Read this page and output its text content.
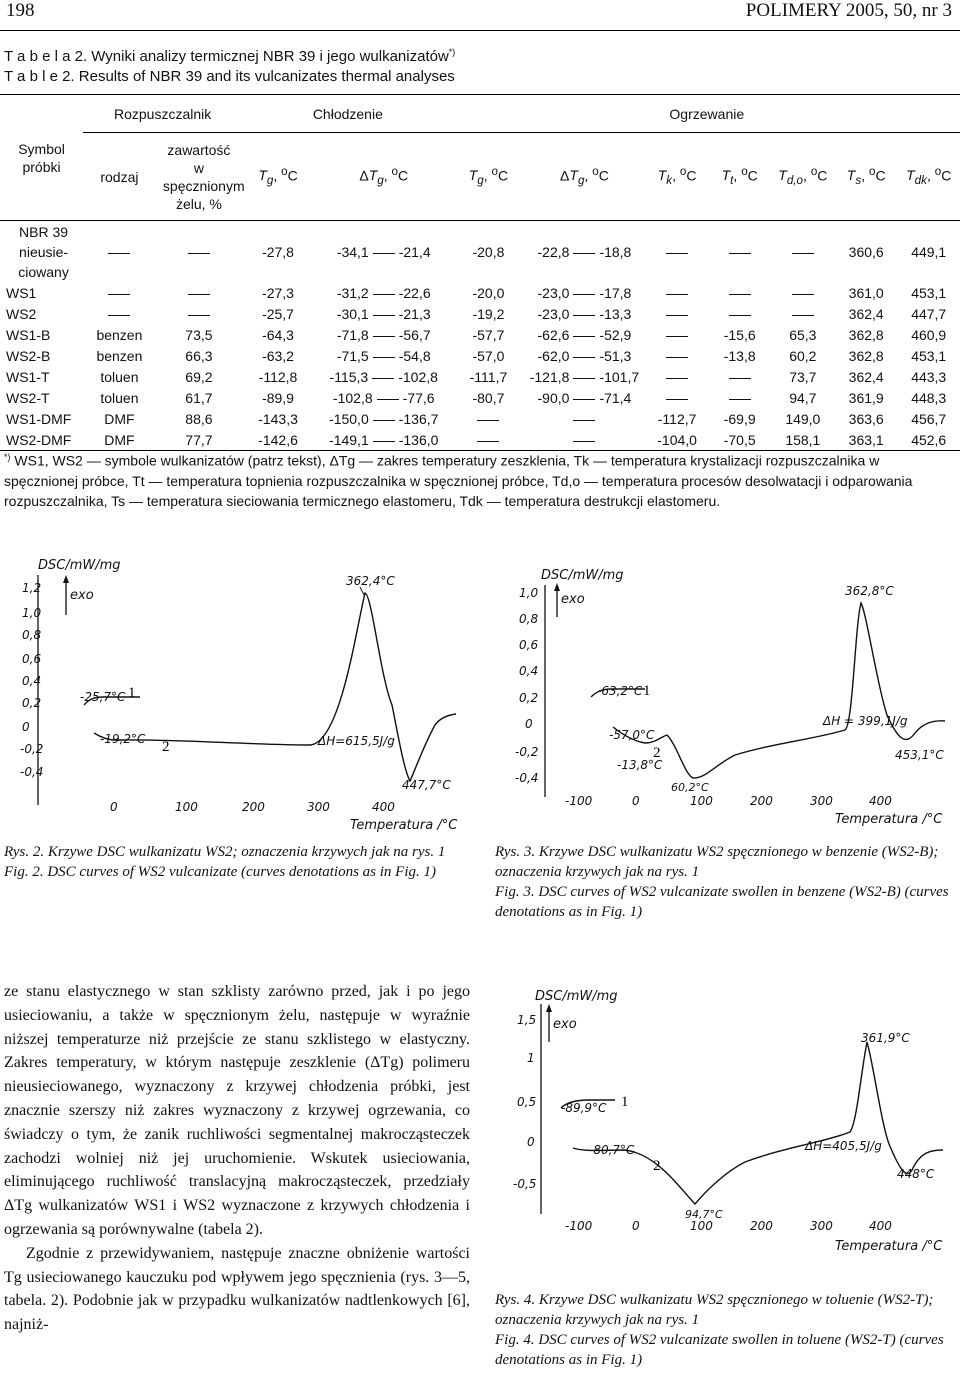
198	POLIMERY 2005, 50, nr 3
T a b e l a 2. Wyniki analizy termicznej NBR 39 i jego wulkanizatów*)
T a b l e 2. Results of NBR 39 and its vulcanizates thermal analyses
Symbol próbki	Rozpuszczalnik		Chłodzenie		Ogrzewanie						
	rodzaj	zawartość w spęcznionym żelu, %	$T_g$, $^o$C	$\Delta T_g$, $^o$C	$T_g$, $^o$C	$\Delta T_g$, $^o$C	$T_k$, $^o$C	$T_t$, $^o$C	$T_{d,o}$, $^o$C	$T_s$, $^o$C	$T_{dk}$, $^o$C
NBR 39 nieusie-ciowany			-27,8	-34,1 -21,4	-20,8	-22,8 -18,8				360,6	449,1
WS1			-27,3	-31,2 -22,6	-20,0	-23,0 -17,8				361,0	453,1
WS2			-25,7	-30,1 -21,3	-19,2	-23,0 -13,3				362,4	447,7
WS1-B	benzen	73,5	-64,3	-71,8 -56,7	-57,7	-62,6 -52,9		-15,6	65,3	362,8	460,9
WS2-B	benzen	66,3	-63,2	-71,5 -54,8	-57,0	-62,0 -51,3		-13,8	60,2	362,8	453,1
WS1-T	toluen	69,2	-112,8	-115,3 -102,8	-111,7	-121,8 -101,7			73,7	362,4	443,3
WS2-T	toluen	61,7	-89,9	-102,8 -77,6	-80,7	-90,0 -71,4			94,7	361,9	448,3
WS1-DMF	DMF	88,6	-143,3	-150,0 -136,7			-112,7	-69,9	149,0	363,6	456,7
WS2-DMF	DMF	77,7	-142,6	-149,1 -136,0			-104,0	-70,5	158,1	363,1	452,6
*) WS1, WS2 — symbole wulkanizatów (patrz tekst), ΔTg — zakres temperatury zeszklenia, Tk — temperatura krystalizacji rozpuszczalnika w spęcznionej próbce, Tt — temperatura topnienia rozpuszczalnika w spęcznionej próbce, Td,o — temperatura procesów desolwatacji i odparowania rozpuszczalnika, Ts — temperatura sieciowania termicznego elastomeru, Tdk — temperatura destrukcji elastomeru.
DSC/mW/mg
exo
1,2
1,0
0,8
0,6
0,4
0,2
0
-0,2
-0,4
0	100	200	300	400
Temperatura /°C
362,4°C
-25,7°C 1
-19,2°C 2	ΔH=615,5J/g
447,7°C
DSC/mW/mg
exo
1,0
0,8
0,6
0,4
0,2
0
-0,2
-0,4
-100	0	100	200	300	400
Temperatura /°C
362,8°C
-63,2°C 1
-57,0°C
-13,8°C
2
60,2°C
ΔH = 399,1J/g
453,1°C
Rys. 2. Krzywe DSC wulkanizatu WS2; oznaczenia krzywych jak na rys. 1
Fig. 2. DSC curves of WS2 vulcanizate (curves denotations as in Fig. 1)
Rys. 3. Krzywe DSC wulkanizatu WS2 spęcznionego w benzenie (WS2-B); oznaczenia krzywych jak na rys. 1
Fig. 3. DSC curves of WS2 vulcanizate swollen in benzene (WS2-B) (curves denotations as in Fig. 1)

ze stanu elastycznego w stan szklisty zarówno przed, jak i po jego usieciowaniu, a także w spęcznionym żelu, następuje w wyraźnie niższej temperaturze niż przejście ze stanu szklistego w elastyczny. Zakres temperatury, w którym następuje zeszklenie (ΔTg) polimeru nieusieciowanego, wyznaczony z krzywej chłodzenia próbki, jest znacznie szerszy niż zakres wyznaczony z krzywej ogrzewania, co świadczy o tym, że zanik ruchliwości segmentalnej makrocząsteczek zachodzi wolniej niż jej uruchomienie. Wskutek usieciowania, eliminującego ruchliwość translacyjną makrocząsteczek, przedziały ΔTg wulkanizatów WS1 i WS2 wyznaczone z krzywych chłodzenia i ogrzewania są porównywalne (tabela 2).

Zgodnie z przewidywaniem, następuje znaczne obniżenie wartości Tg usieciowanego kauczuku pod wpływem jego spęcznienia (rys. 3—5, tabela. 2). Podobnie jak w przypadku wulkanizatów nadtlenkowych [6], najniż-

DSC/mW/mg
exo
1,5
1
0,5
0
-0,5
-100	0	100	200	300	400
Temperatura /°C
361,9°C
-89,9°C 1
-80,7°C
2
ΔH=405,5J/g
448°C
94,7°C
Rys. 4. Krzywe DSC wulkanizatu WS2 spęcznionego w toluenie (WS2-T); oznaczenia krzywych jak na rys. 1
Fig. 4. DSC curves of WS2 vulcanizate swollen in toluene (WS2-T) (curves denotations as in Fig. 1)
